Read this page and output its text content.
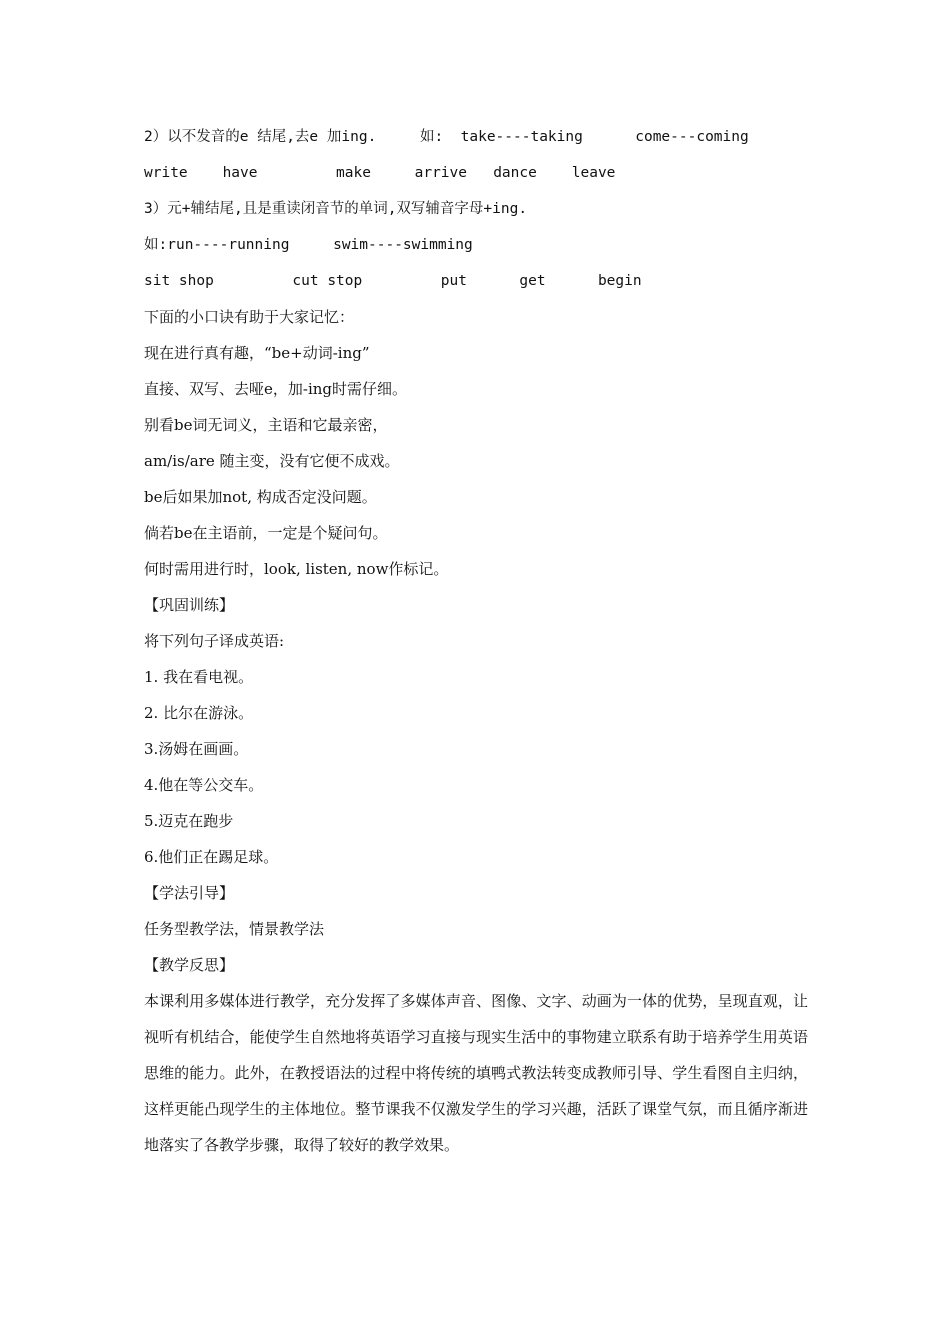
2）以不发音的e 结尾,去e 加ing.     如:  take----taking      come---coming
write    have         make     arrive   dance    leave
3）元+辅结尾,且是重读闭音节的单词,双写辅音字母+ing.
如:run----running     swim----swimming
sit shop         cut stop         put      get      begin
下面的小口诀有助于大家记忆：
现在进行真有趣，“be+动词-ing”
直接、双写、去哑e，加-ing时需仔细。
别看be词无词义，主语和它最亲密，
am/is/are 随主变，没有它便不成戏。
be后如果加not, 构成否定没问题。
倘若be在主语前，一定是个疑问句。
何时需用进行时，look, listen, now作标记。
【巩固训练】
将下列句子译成英语:
1. 我在看电视。
2. 比尔在游泳。
3.汤姆在画画。
4.他在等公交车。
5.迈克在跑步
6.他们正在踢足球。
【学法引导】
任务型教学法，情景教学法
【教学反思】

本课利用多媒体进行教学，充分发挥了多媒体声音、图像、文字、动画为一体的优势，呈现直观，让视听有机结合，能使学生自然地将英语学习直接与现实生活中的事物建立联系有助于培养学生用英语思维的能力。此外，在教授语法的过程中将传统的填鸭式教法转变成教师引导、学生看图自主归纳，这样更能凸现学生的主体地位。整节课我不仅激发学生的学习兴趣，活跃了课堂气氛，而且循序渐进地落实了各教学步骤，取得了较好的教学效果。
